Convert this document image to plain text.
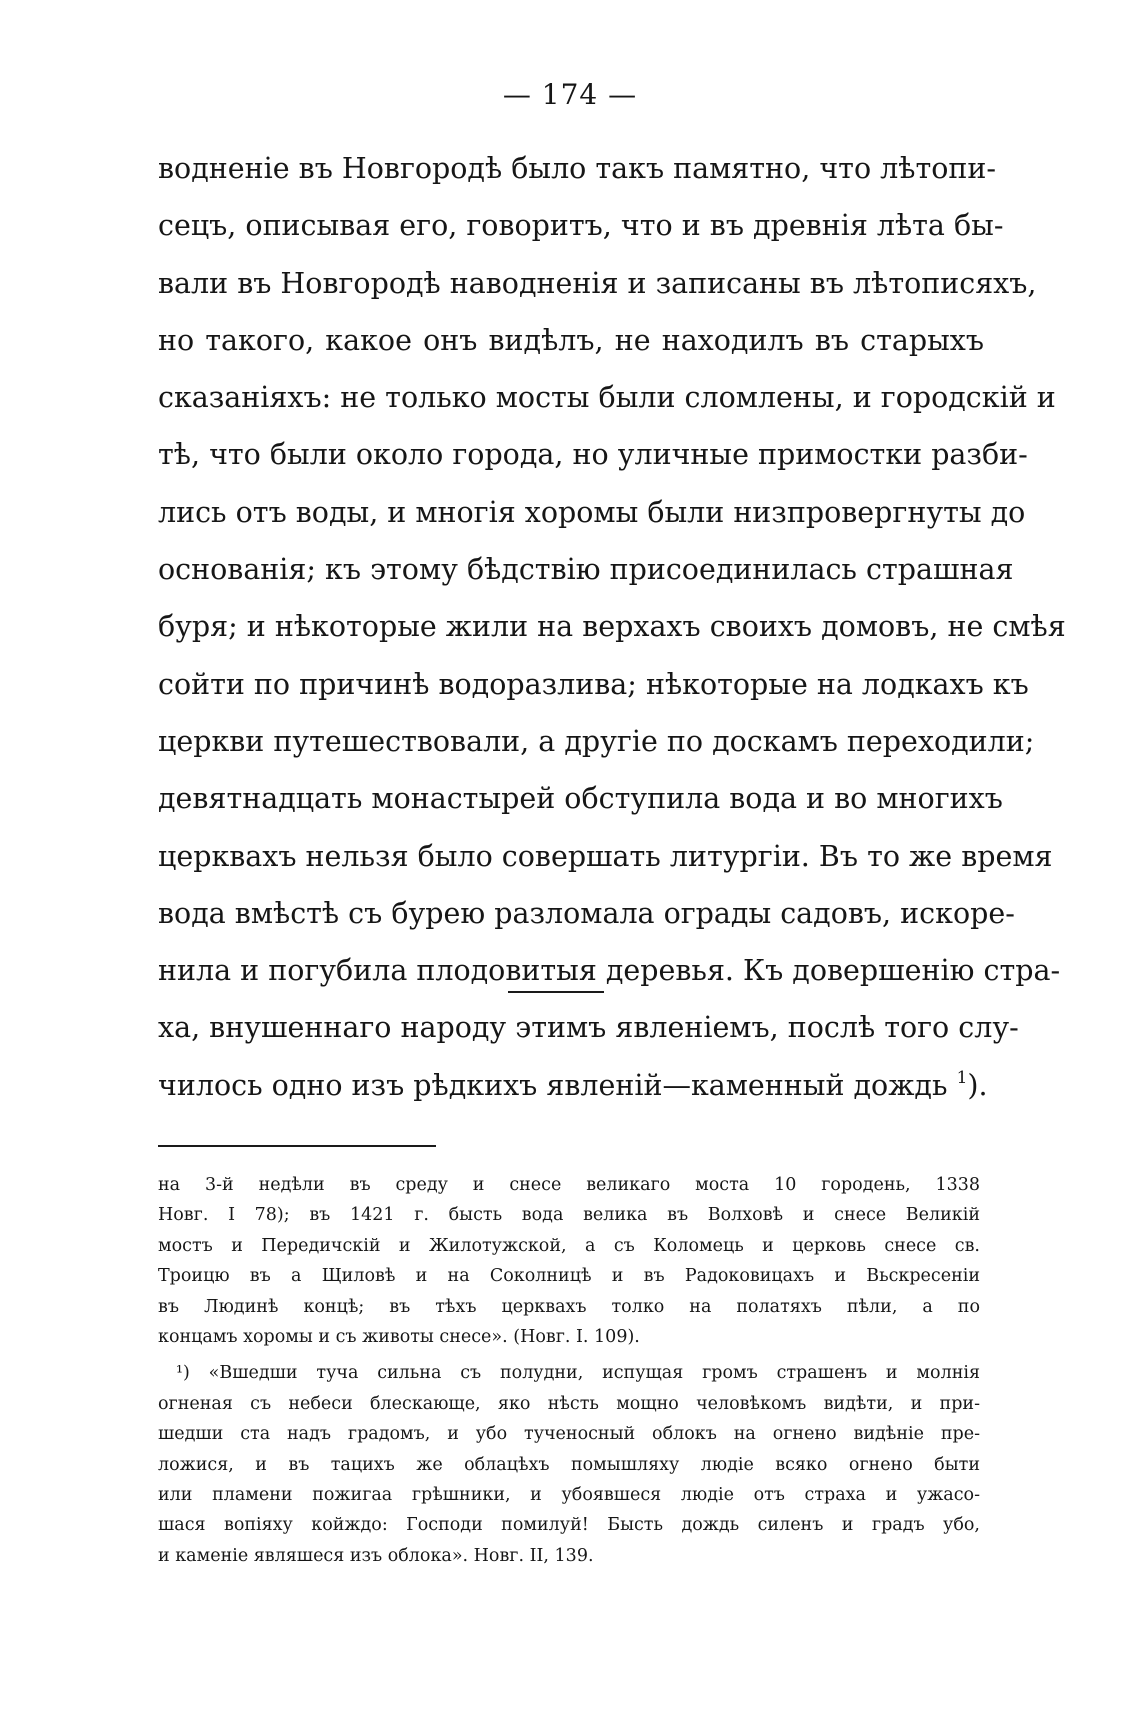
— 174 —
водненіе въ Новгородѣ было такъ памятно, что лѣтопи-
сецъ, описывая его, говоритъ, что и въ древнія лѣта бы-
вали въ Новгородѣ наводненія и записаны въ лѣтописяхъ,
но такого, какое онъ видѣлъ, не находилъ въ старыхъ
сказаніяхъ: не только мосты были сломлены, и городскій и
тѣ, что были около города, но уличные примостки разби-
лись отъ воды, и многія хоромы были низпровергнуты до
основанія; къ этому бѣдствію присоединилась страшная
буря; и нѣкоторые жили на верхахъ своихъ домовъ, не смѣя
сойти по причинѣ водоразлива; нѣкоторые на лодкахъ къ
церкви путешествовали, а другіе по доскамъ переходили;
девятнадцать монастырей обступила вода и во многихъ
церквахъ нельзя было совершать литургіи. Въ то же время
вода вмѣстѣ съ бурею разломала ограды садовъ, искоре-
нила и погубила плодовитыя деревья. Къ довершенію стра-
ха, внушеннаго народу этимъ явленіемъ, послѣ того слу-
чилось одно изъ рѣдкихъ явленій—каменный дождь $^1$).
на 3-й недѣли въ среду и снесе великаго моста 10 городень, 1338
Новг. I 78); въ 1421 г. бысть вода велика въ Волховѣ и снесе Великій
мостъ и Передичскій и Жилотужской, а съ Коломець и церковь снесе св.
Троицю въ а Щиловѣ и на Соколницѣ и въ Радоковицахъ и Вьскресеніи
въ Людинѣ концѣ; въ тѣхъ церквахъ толко на полатяхъ пѣли, а по
концамъ хоромы и съ животы снесе». (Новг. I. 109).
¹) «Вшедши туча сильна съ полудни, испущая громъ страшенъ и молнія
огненая съ небеси блескающе, яко нѣсть мощно человѣкомъ видѣти, и при-
шедши ста надъ градомъ, и убо тученосный облокъ на огнено видѣніе пре-
ложися, и въ тацихъ же облацѣхъ помышляху людіе всяко огнено быти
или пламени пожигаа грѣшники, и убоявшеся людіе отъ страха и ужасо-
шася вопіяху койждо: Господи помилуй! Бысть дождь силенъ и градъ убо,
и каменіе являшеся изъ облока». Новг. II, 139.
